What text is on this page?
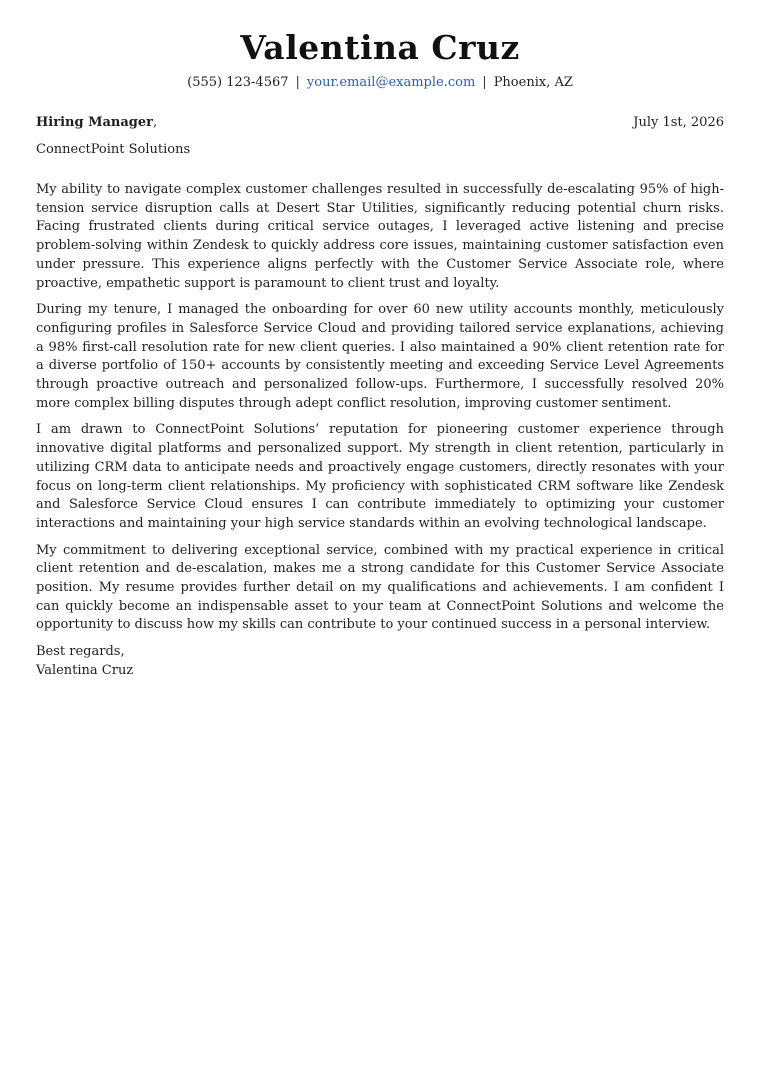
Valentina Cruz
(555) 123-4567 | your.email@example.com | Phoenix, AZ
Hiring Manager,	July 1st, 2026
ConnectPoint Solutions

My ability to navigate complex customer challenges resulted in successfully de-escalating 95% of high-tension service disruption calls at Desert Star Utilities, significantly reducing potential churn risks. Facing frustrated clients during critical service outages, I leveraged active listening and precise problem-solving within Zendesk to quickly address core issues, maintaining customer satisfaction even under pressure. This experience aligns perfectly with the Customer Service Associate role, where proactive, empathetic support is paramount to client trust and loyalty.

During my tenure, I managed the onboarding for over 60 new utility accounts monthly, meticulously configuring profiles in Salesforce Service Cloud and providing tailored service explanations, achieving a 98% first-call resolution rate for new client queries. I also maintained a 90% client retention rate for a diverse portfolio of 150+ accounts by consistently meeting and exceeding Service Level Agreements through proactive outreach and personalized follow-ups. Furthermore, I successfully resolved 20% more complex billing disputes through adept conflict resolution, improving customer sentiment.

I am drawn to ConnectPoint Solutions’ reputation for pioneering customer experience through innovative digital platforms and personalized support. My strength in client retention, particularly in utilizing CRM data to anticipate needs and proactively engage customers, directly resonates with your focus on long-term client relationships. My proficiency with sophisticated CRM software like Zendesk and Salesforce Service Cloud ensures I can contribute immediately to optimizing your customer interactions and maintaining your high service standards within an evolving technological landscape.

My commitment to delivering exceptional service, combined with my practical experience in critical client retention and de-escalation, makes me a strong candidate for this Customer Service Associate position. My resume provides further detail on my qualifications and achievements. I am confident I can quickly become an indispensable asset to your team at ConnectPoint Solutions and welcome the opportunity to discuss how my skills can contribute to your continued success in a personal interview.

Best regards,
Valentina Cruz
